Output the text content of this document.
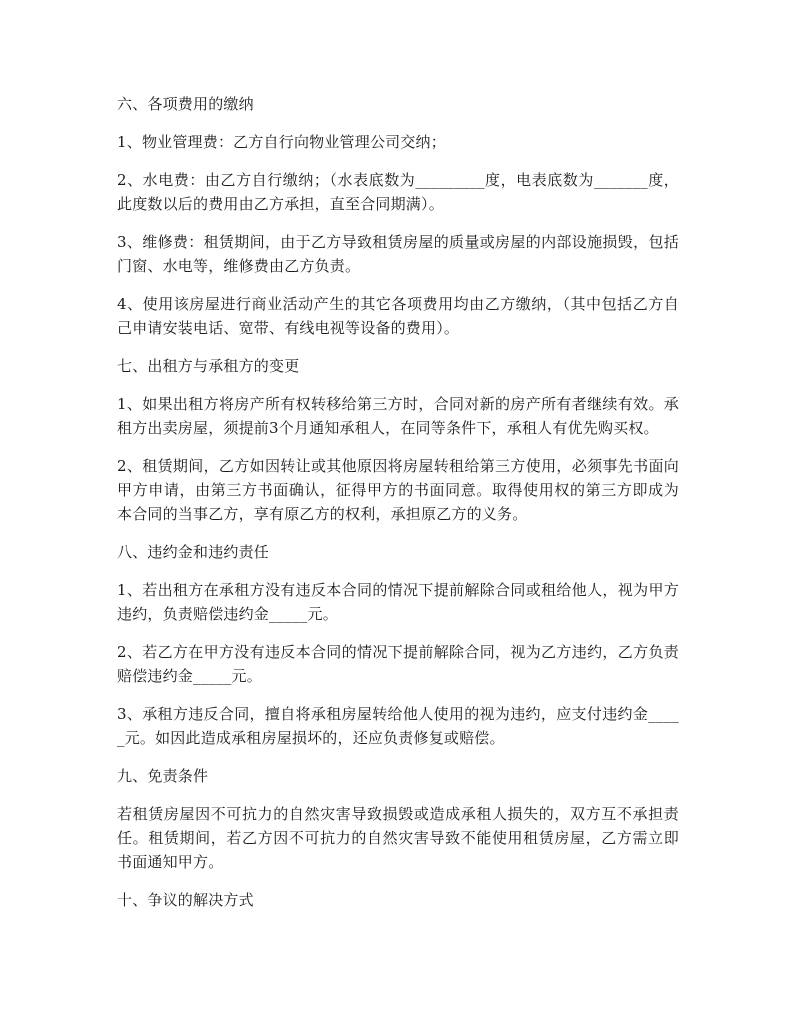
六、各项费用的缴纳

1、物业管理费：乙方自行向物业管理公司交纳；

2、水电费：由乙方自行缴纳；（水表底数为_________度，电表底数为_______度，此度数以后的费用由乙方承担，直至合同期满）。

3、维修费：租赁期间，由于乙方导致租赁房屋的质量或房屋的内部设施损毁，包括门窗、水电等，维修费由乙方负责。

4、使用该房屋进行商业活动产生的其它各项费用均由乙方缴纳，（其中包括乙方自己申请安装电话、宽带、有线电视等设备的费用）。

七、出租方与承租方的变更

1、如果出租方将房产所有权转移给第三方时，合同对新的房产所有者继续有效。承租方出卖房屋，须提前3个月通知承租人，在同等条件下，承租人有优先购买权。

2、租赁期间，乙方如因转让或其他原因将房屋转租给第三方使用，必须事先书面向甲方申请，由第三方书面确认，征得甲方的书面同意。取得使用权的第三方即成为本合同的当事乙方，享有原乙方的权利，承担原乙方的义务。

八、违约金和违约责任

1、若出租方在承租方没有违反本合同的情况下提前解除合同或租给他人，视为甲方违约，负责赔偿违约金_____元。

2、若乙方在甲方没有违反本合同的情况下提前解除合同，视为乙方违约，乙方负责赔偿违约金_____元。

3、承租方违反合同，擅自将承租房屋转给他人使用的视为违约，应支付违约金_____元。如因此造成承租房屋损坏的，还应负责修复或赔偿。

九、免责条件

若租赁房屋因不可抗力的自然灾害导致损毁或造成承租人损失的，双方互不承担责任。租赁期间，若乙方因不可抗力的自然灾害导致不能使用租赁房屋，乙方需立即书面通知甲方。

十、争议的解决方式
